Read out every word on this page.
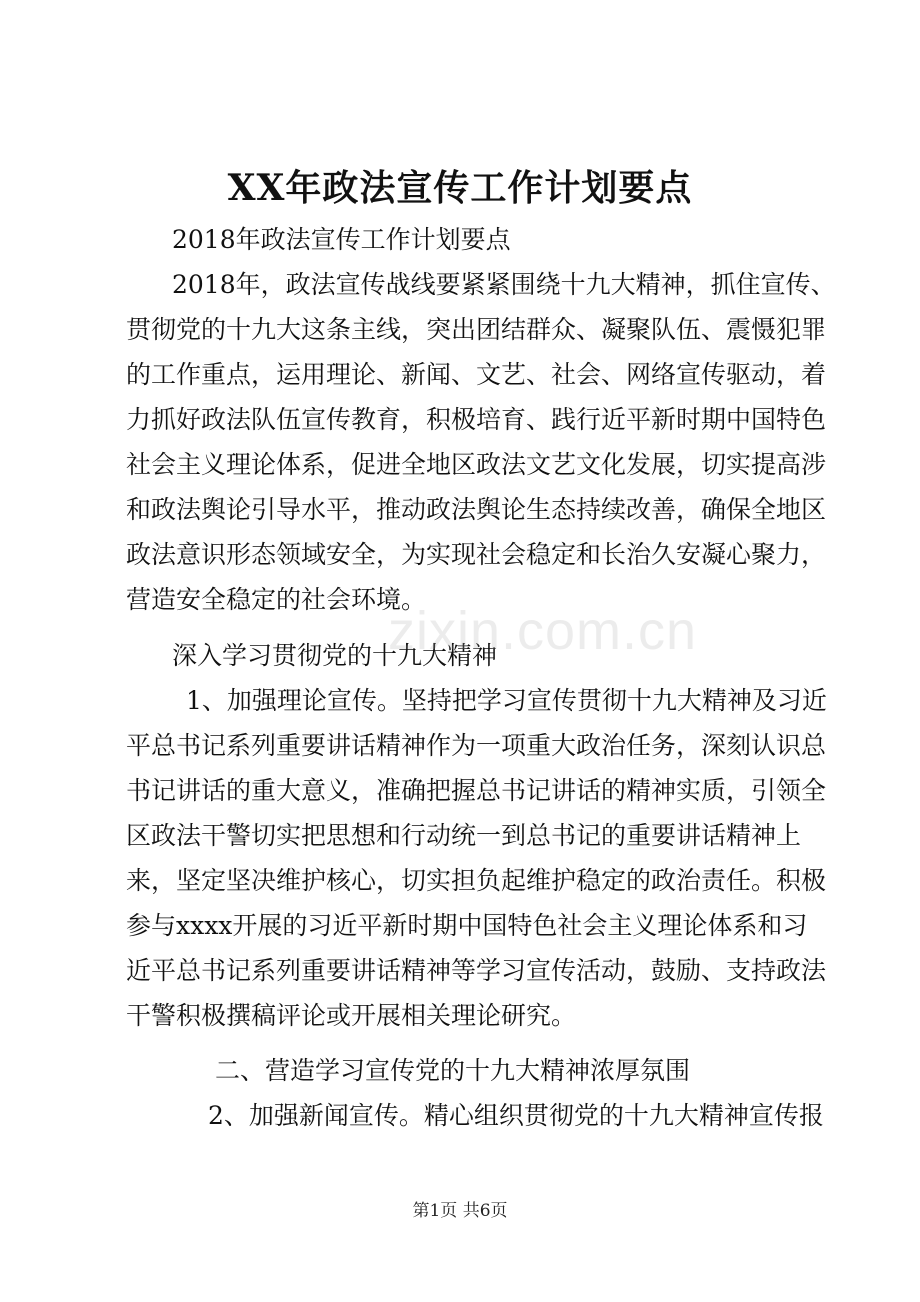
XX年政法宣传工作计划要点
2018年政法宣传工作计划要点
2018年，政法宣传战线要紧紧围绕十九大精神，抓住宣传、
贯彻党的十九大这条主线，突出团结群众、凝聚队伍、震慑犯罪
的工作重点，运用理论、新闻、文艺、社会、网络宣传驱动，着
力抓好政法队伍宣传教育，积极培育、践行近平新时期中国特色
社会主义理论体系，促进全地区政法文艺文化发展，切实提高涉
和政法舆论引导水平，推动政法舆论生态持续改善，确保全地区
政法意识形态领域安全，为实现社会稳定和长治久安凝心聚力，
营造安全稳定的社会环境。
深入学习贯彻党的十九大精神
1、加强理论宣传。坚持把学习宣传贯彻十九大精神及习近
平总书记系列重要讲话精神作为一项重大政治任务，深刻认识总
书记讲话的重大意义，准确把握总书记讲话的精神实质，引领全
区政法干警切实把思想和行动统一到总书记的重要讲话精神上
来，坚定坚决维护核心，切实担负起维护稳定的政治责任。积极
参与xxxx开展的习近平新时期中国特色社会主义理论体系和习
近平总书记系列重要讲话精神等学习宣传活动，鼓励、支持政法
干警积极撰稿评论或开展相关理论研究。
二、营造学习宣传党的十九大精神浓厚氛围
2、加强新闻宣传。精心组织贯彻党的十九大精神宣传报
zixin.com.cn
第1页 共6页
